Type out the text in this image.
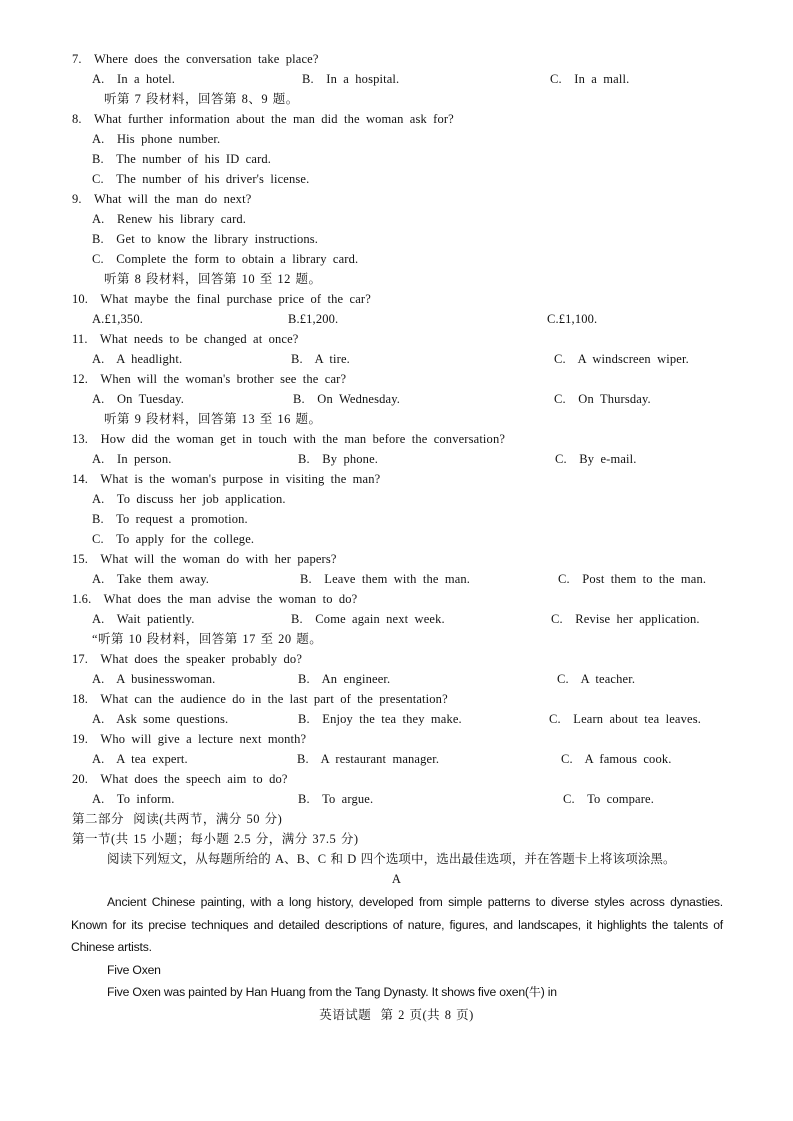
7.  Where does the conversation take place?
A.  In a hotel.	B.  In a hospital.	C.  In a mall.
听第 7 段材料，回答第 8、9 题。
8.  What further information about the man did the woman ask for?
A.  His phone number.
B.  The number of his ID card.
C.  The number of his driver's license.
9.  What will the man do next?
A.  Renew his library card.
B.  Get to know the library instructions.
C.  Complete the form to obtain a library card.
听第 8 段材料，回答第 10 至 12 题。
10.  What maybe the final purchase price of the car?
A.£1,350.	B.£1,200.	C.£1,100.
11.  What needs to be changed at once?
A.  A headlight.	B.  A tire.	C.  A windscreen wiper.
12.  When will the woman's brother see the car?
A.  On Tuesday.	B.  On Wednesday.	C.  On Thursday.
听第 9 段材料，回答第 13 至 16 题。
13.  How did the woman get in touch with the man before the conversation?
A.  In person.	B.  By phone.	C.  By e-mail.
14.  What is the woman's purpose in visiting the man?
A.  To discuss her job application.
B.  To request a promotion.
C.  To apply for the college.
15.  What will the woman do with her papers?
A.  Take them away.	B.  Leave them with the man.	C.  Post them to the man.
1.6.  What does the man advise the woman to do?
A.  Wait patiently.	B.  Come again next week.	C.  Revise her application.
“听第 10 段材料，回答第 17 至 20 题。
17.  What does the speaker probably do?
A.  A businesswoman.	B.  An engineer.	C.  A teacher.
18.  What can the audience do in the last part of the presentation?
A.  Ask some questions.	B.  Enjoy the tea they make.	C.  Learn about tea leaves.
19.  Who will give a lecture next month?
A.  A tea expert.	B.  A restaurant manager.	C.  A famous cook.
20.  What does the speech aim to do?
A.  To inform.	B.  To argue.	C.  To compare.
第二部分  阅读(共两节，满分 50 分)
第一节(共 15 小题；每小题 2.5 分，满分 37.5 分)
阅读下列短文，从每题所给的 A、B、C 和 D 四个选项中，选出最佳选项，并在答题卡上将该项涂黑。
A
Ancient Chinese painting, with a long history, developed from simple patterns to diverse styles across dynasties. Known for its precise techniques and detailed descriptions of nature, figures, and landscapes, it highlights the talents of Chinese artists.
Five Oxen
Five Oxen was painted by Han Huang from the Tang Dynasty. It shows five oxen(牛) in
英语试题  第 2 页(共 8 页)
